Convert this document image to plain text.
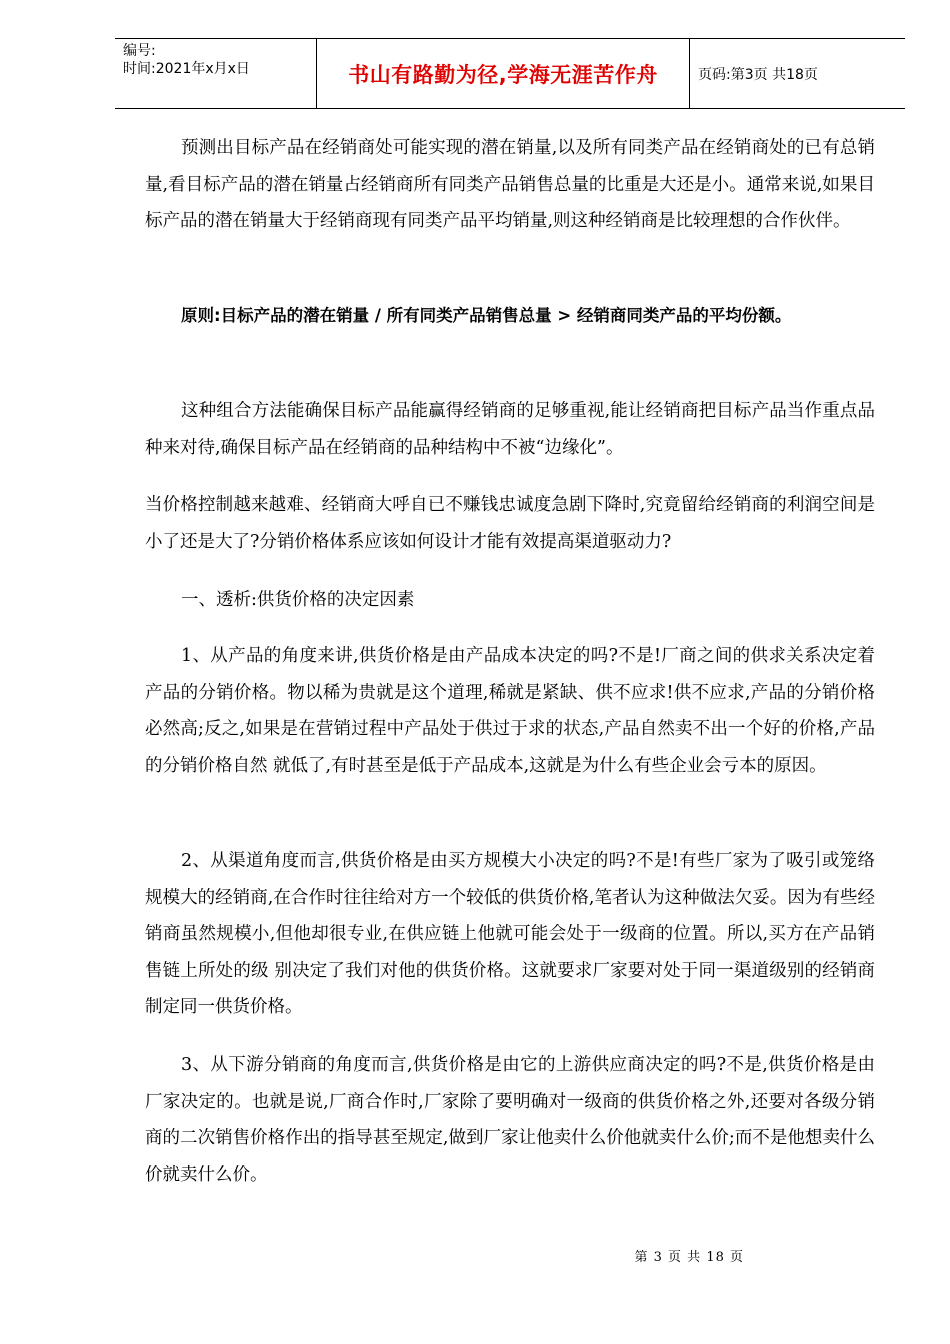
编号:
时间:2021年x月x日	书山有路勤为径,学海无涯苦作舟	页码:第3页 共18页

预测出目标产品在经销商处可能实现的潜在销量,以及所有同类产品在经销商处的已有总销量,看目标产品的潜在销量占经销商所有同类产品销售总量的比重是大还是小。通常来说,如果目标产品的潜在销量大于经销商现有同类产品平均销量,则这种经销商是比较理想的合作伙伴。

原则:目标产品的潜在销量 / 所有同类产品销售总量 > 经销商同类产品的平均份额。

这种组合方法能确保目标产品能赢得经销商的足够重视,能让经销商把目标产品当作重点品种来对待,确保目标产品在经销商的品种结构中不被“边缘化”。

当价格控制越来越难、经销商大呼自已不赚钱忠诚度急剧下降时,究竟留给经销商的利润空间是小了还是大了?分销价格体系应该如何设计才能有效提高渠道驱动力?

一、透析:供货价格的决定因素

1、从产品的角度来讲,供货价格是由产品成本决定的吗?不是!厂商之间的供求关系决定着产品的分销价格。物以稀为贵就是这个道理,稀就是紧缺、供不应求!供不应求,产品的分销价格必然高;反之,如果是在营销过程中产品处于供过于求的状态,产品自然卖不出一个好的价格,产品的分销价格自然 就低了,有时甚至是低于产品成本,这就是为什么有些企业会亏本的原因。

2、从渠道角度而言,供货价格是由买方规模大小决定的吗?不是!有些厂家为了吸引或笼络规模大的经销商,在合作时往往给对方一个较低的供货价格,笔者认为这种做法欠妥。因为有些经销商虽然规模小,但他却很专业,在供应链上他就可能会处于一级商的位置。所以,买方在产品销售链上所处的级 别决定了我们对他的供货价格。这就要求厂家要对处于同一渠道级别的经销商制定同一供货价格。

3、从下游分销商的角度而言,供货价格是由它的上游供应商决定的吗?不是,供货价格是由厂家决定的。也就是说,厂商合作时,厂家除了要明确对一级商的供货价格之外,还要对各级分销商的二次销售价格作出的指导甚至规定,做到厂家让他卖什么价他就卖什么价;而不是他想卖什么价就卖什么价。

第 3 页 共 18 页
